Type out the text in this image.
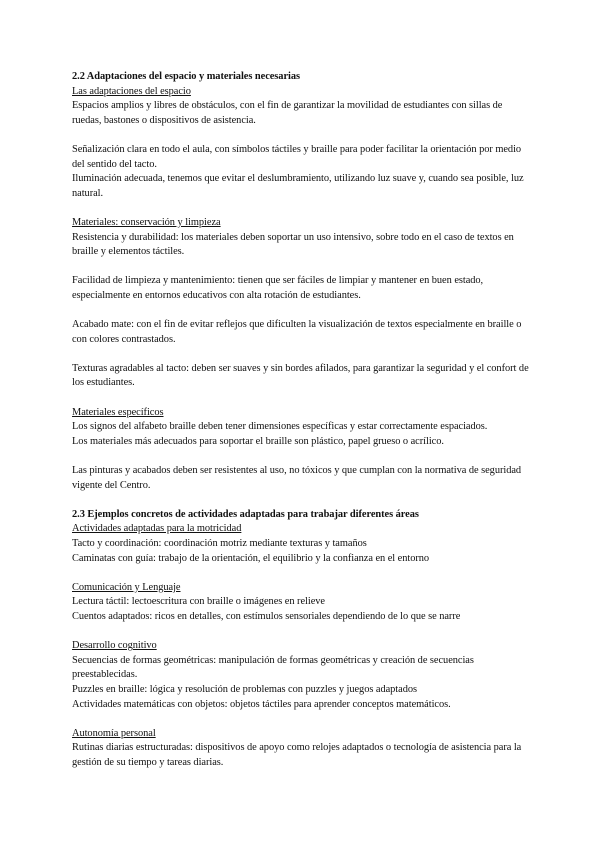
2.2 Adaptaciones del espacio y materiales necesarias

Las adaptaciones del espacio

Espacios amplios y libres de obstáculos, con el fin de garantizar la movilidad de estudiantes con sillas de ruedas, bastones o dispositivos de asistencia.

Señalización clara en todo el aula, con símbolos táctiles y braille para poder facilitar la orientación por medio del sentido del tacto.

Iluminación adecuada, tenemos que evitar el deslumbramiento, utilizando luz suave y, cuando sea posible, luz natural.

Materiales: conservación y limpieza

Resistencia y durabilidad: los materiales deben soportar un uso intensivo, sobre todo en el caso de textos en braille y elementos táctiles.

Facilidad de limpieza y mantenimiento: tienen que ser fáciles de limpiar y mantener en buen estado, especialmente en entornos educativos con alta rotación de estudiantes.

Acabado mate: con el fin de evitar reflejos que dificulten la visualización de textos especialmente en braille o con colores contrastados.

Texturas agradables al tacto: deben ser suaves y sin bordes afilados, para garantizar la seguridad y el confort de los estudiantes.

Materiales específicos

Los signos del alfabeto braille deben tener dimensiones específicas y estar correctamente espaciados.

Los materiales más adecuados para soportar el braille son plástico, papel grueso o acrílico.

Las pinturas y acabados deben ser resistentes al uso, no tóxicos y que cumplan con la normativa de seguridad vigente del Centro.

2.3 Ejemplos concretos de actividades adaptadas para trabajar diferentes áreas

Actividades adaptadas para la motricidad

Tacto y coordinación: coordinación motriz mediante texturas y tamaños

Caminatas con guía: trabajo de la orientación, el equilibrio y la confianza en el entorno

Comunicación y Lenguaje

Lectura táctil: lectoescritura con braille o imágenes en relieve

Cuentos adaptados: ricos en detalles, con estímulos sensoriales dependiendo de lo que se narre

Desarrollo cognitivo

Secuencias de formas geométricas: manipulación de formas geométricas y creación de secuencias preestablecidas.

Puzzles en braille: lógica y resolución de problemas con puzzles y juegos adaptados

Actividades matemáticas con objetos: objetos táctiles para aprender conceptos matemáticos.

Autonomía personal

Rutinas diarias estructuradas: dispositivos de apoyo como relojes adaptados o tecnología de asistencia para la gestión de su tiempo y tareas diarias.
